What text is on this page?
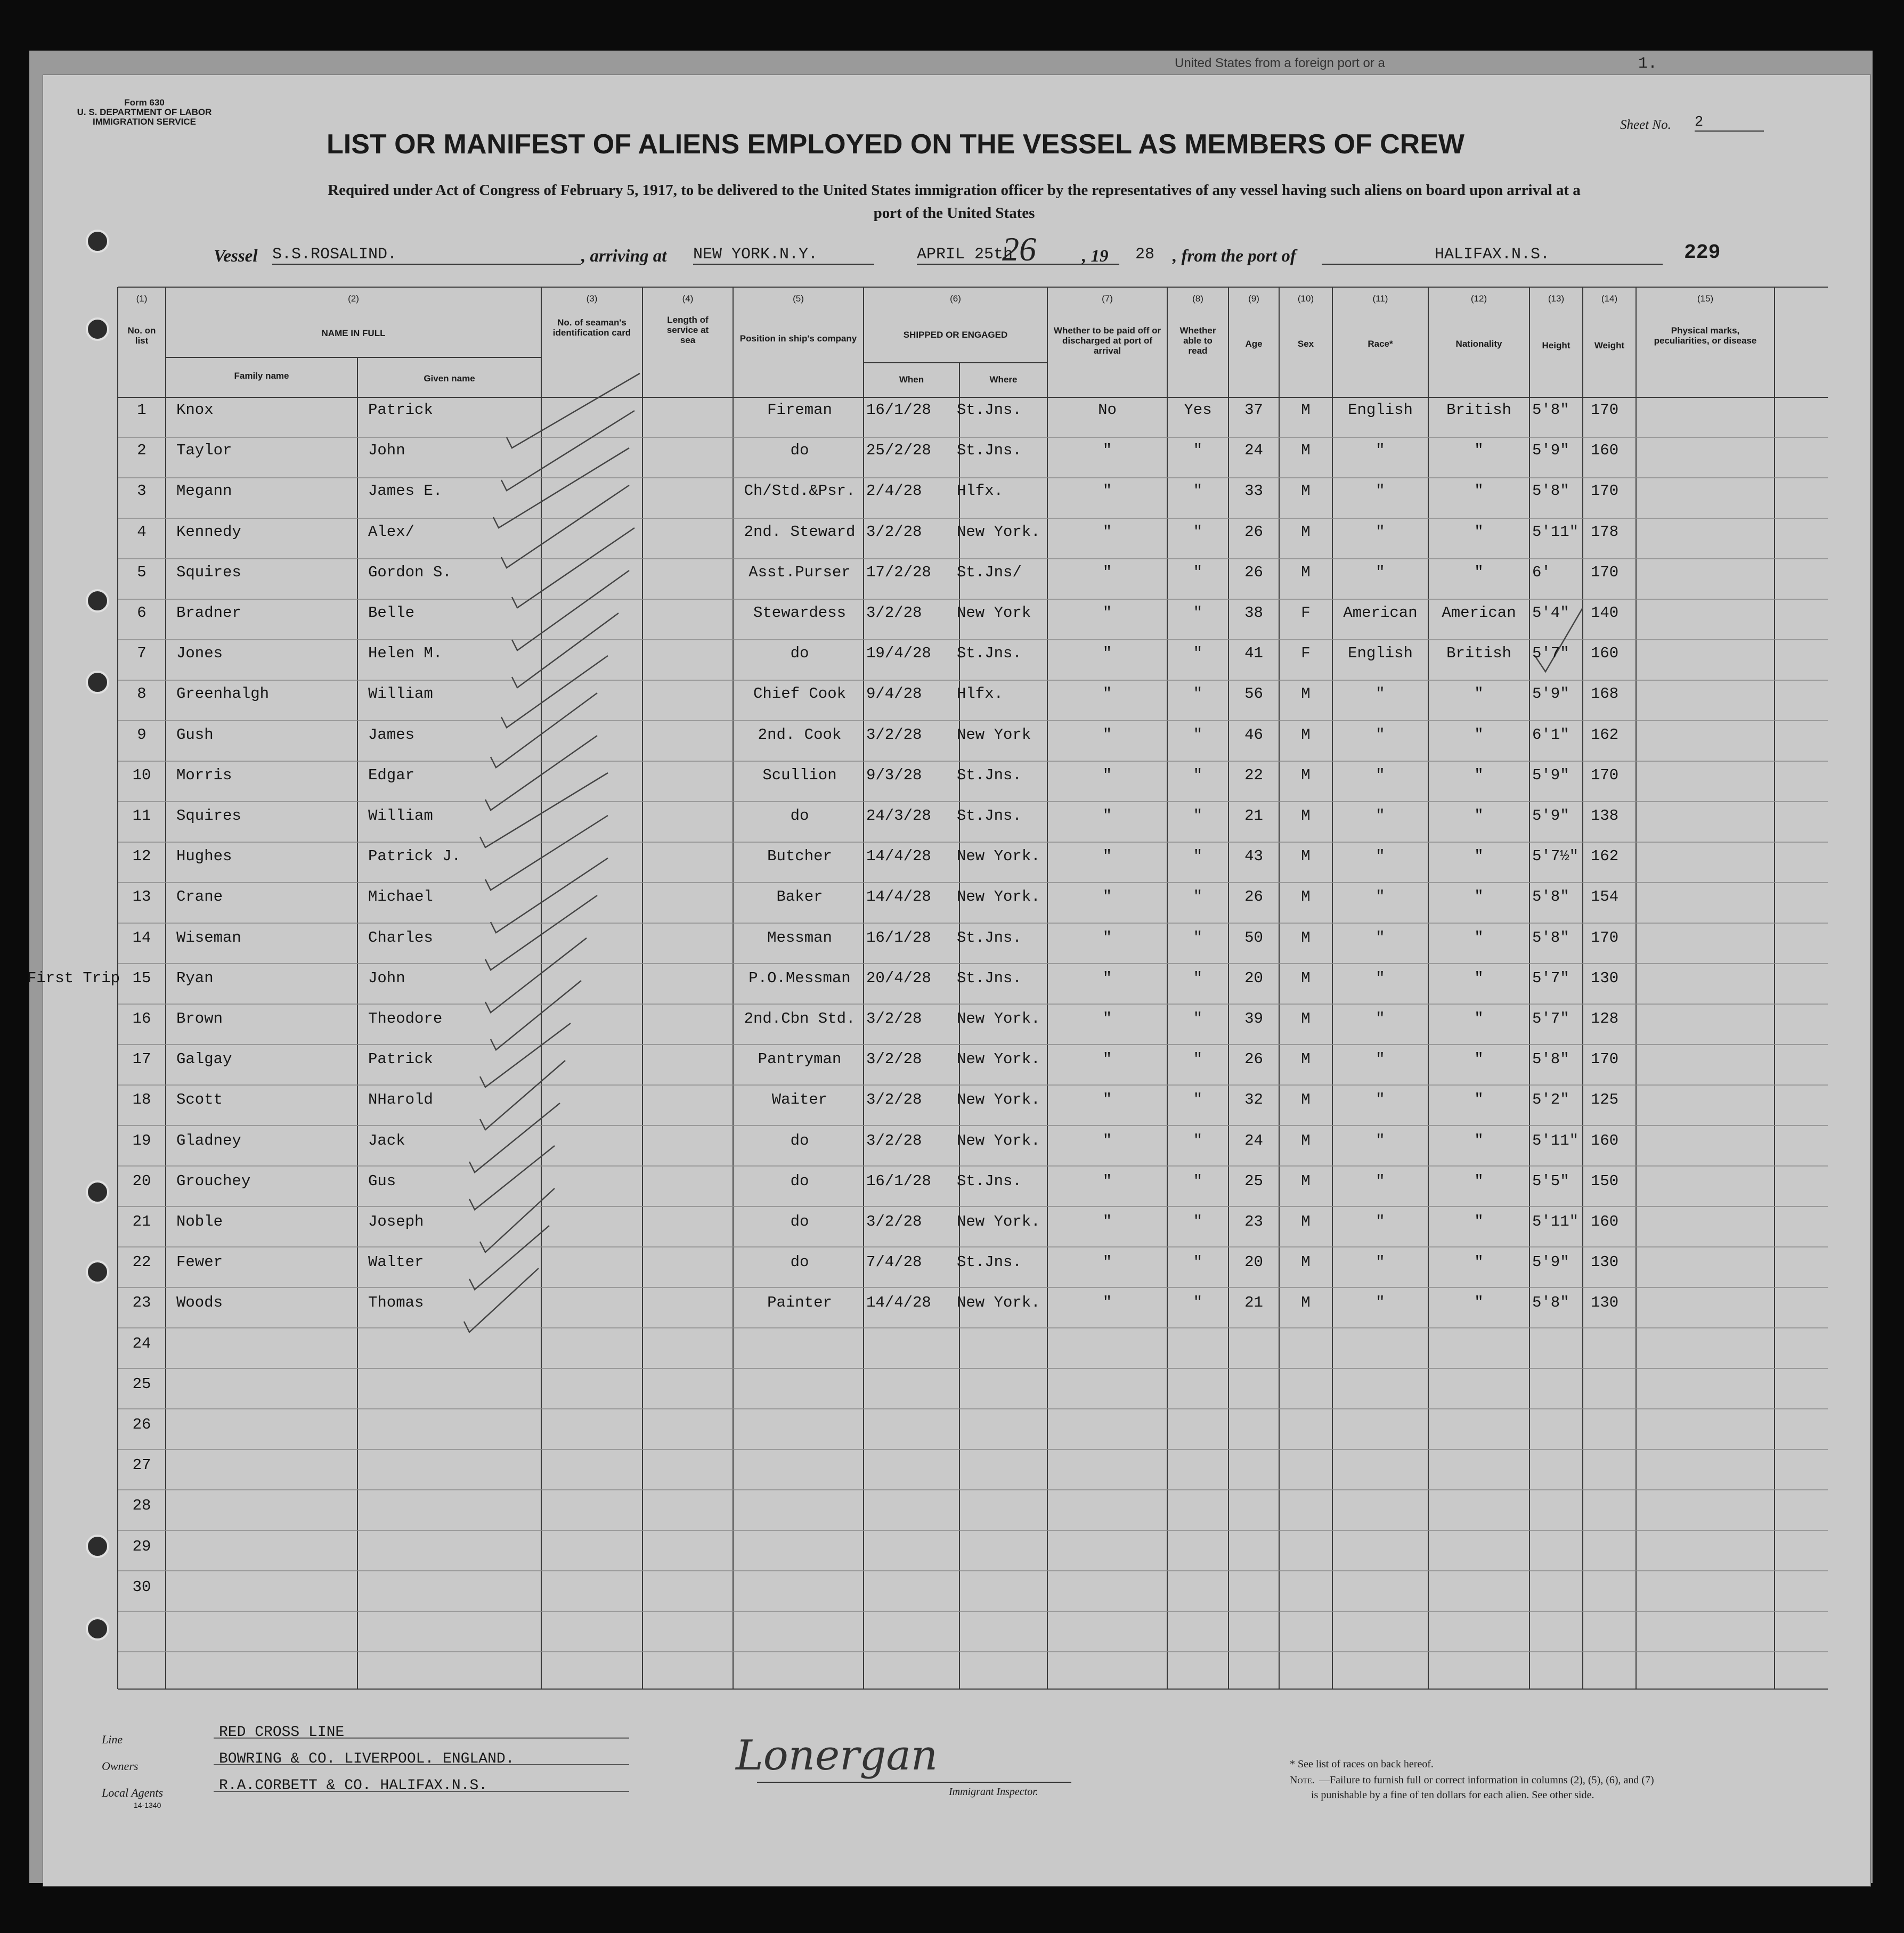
United States from a foreign port or a	1.
Form 630
U. S. DEPARTMENT OF LABOR
IMMIGRATION SERVICE	Sheet No. 2
LIST OR MANIFEST OF ALIENS EMPLOYED ON THE VESSEL AS MEMBERS OF CREW
Required under Act of Congress of February 5, 1917, to be delivered to the United States immigration officer by the representatives of any vessel having such aliens on board upon arrival at a
port of the United States
Vessel S.S.ROSALIND.	, arriving at NEW YORK.N.Y.	APRIL 25th
26	, 19 28 , from the port of	HALIFAX.N.S.	229
(1)	(2)	(3)	(4)	(5)	(6)	(7)	(8)	(9)	(10)	(11)	(12)	(13)	(14)	(15)
No. on list
NAME IN FULL
Family name	Given name
No. of seaman's identification card
Length of service at sea	Position in ship's company	SHIPPED OR ENGAGED
When	Where
Whether to be paid off or discharged at port of arrival
Whether able to read
Age	Sex	Race*	Nationality	Height	Weight
Physical marks, peculiarities, or disease
1	Knox	Patrick	Fireman	16/1/28 St.Jns.	No	Yes	37	M	English	British	5'8" 170
2	Taylor	John	do	25/2/28 St.Jns.	"	"	24	M	"	"	5'9" 160
3	Megann	James E.	Ch/Std.&Psr. 2/4/28 Hlfx.	"	"	33	M	"	"	5'8" 170
4	Kennedy	Alex/	2nd. Steward 3/2/28 New York.	"	"	26	M	"	"	5'11" 178
5	Squires	Gordon S.	Asst.Purser	17/2/28 St.Jns/	"	"	26	M	"	"	6'	170
6	Bradner	Belle	Stewardess	3/2/28 New York	"	"	38	F	American	American	5'4" 140
7	Jones	Helen M.	do	19/4/28 St.Jns.	"	"	41	F	English	British	5'7" 160
8	Greenhalgh	William	Chief Cook	9/4/28 Hlfx.	"	"	56	M	"	"	5'9" 168
9	Gush	James	2nd. Cook	3/2/28 New York	"	"	46	M	"	"	6'1" 162
10	Morris	Edgar	Scullion	9/3/28 St.Jns.	"	"	22	M	"	"	5'9" 170
11	Squires	William	do	24/3/28 St.Jns.	"	"	21	M	"	"	5'9" 138
12	Hughes	Patrick J.	Butcher	14/4/28 New York.	"	"	43	M	"	"	5'7½" 162
13	Crane	Michael	Baker	14/4/28 New York.	"	"	26	M	"	"	5'8" 154
14	Wiseman	Charles	Messman	16/1/28 St.Jns.	"	"	50	M	"	"	5'8" 170
15	Ryan	John	P.O.Messman	20/4/28 St.Jns.	"	"	20	M	"	"	5'7" 130
First Trip
16	Brown	Theodore	2nd.Cbn Std. 3/2/28 New York.	"	"	39	M	"	"	5'7" 128
17	Galgay	Patrick	Pantryman	3/2/28 New York.	"	"	26	M	"	"	5'8" 170
18	Scott	NHarold	Waiter	3/2/28 New York.	"	"	32	M	"	"	5'2" 125
19	Gladney	Jack	do	3/2/28 New York.	"	"	24	M	"	"	5'11" 160
20	Grouchey	Gus	do	16/1/28 St.Jns.	"	"	25	M	"	"	5'5" 150
21	Noble	Joseph	do	3/2/28 New York.	"	"	23	M	"	"	5'11" 160
22	Fewer	Walter	do	7/4/28 St.Jns.	"	"	20	M	"	"	5'9" 130
23	Woods	Thomas	Painter	14/4/28 New York.	"	"	21	M	"	"	5'8" 130
24
25
26
27
28
29
30
Line	RED CROSS LINE
Owners	BOWRING & CO. LIVERPOOL. ENGLAND.
Local Agents	R.A.CORBETT & CO. HALIFAX.N.S.
14-1340
Lonergan
Immigrant Inspector.
* See list of races on back hereof.
Note. —Failure to furnish full or correct information in columns (2), (5), (6), and (7)
is punishable by a fine of ten dollars for each alien. See other side.
